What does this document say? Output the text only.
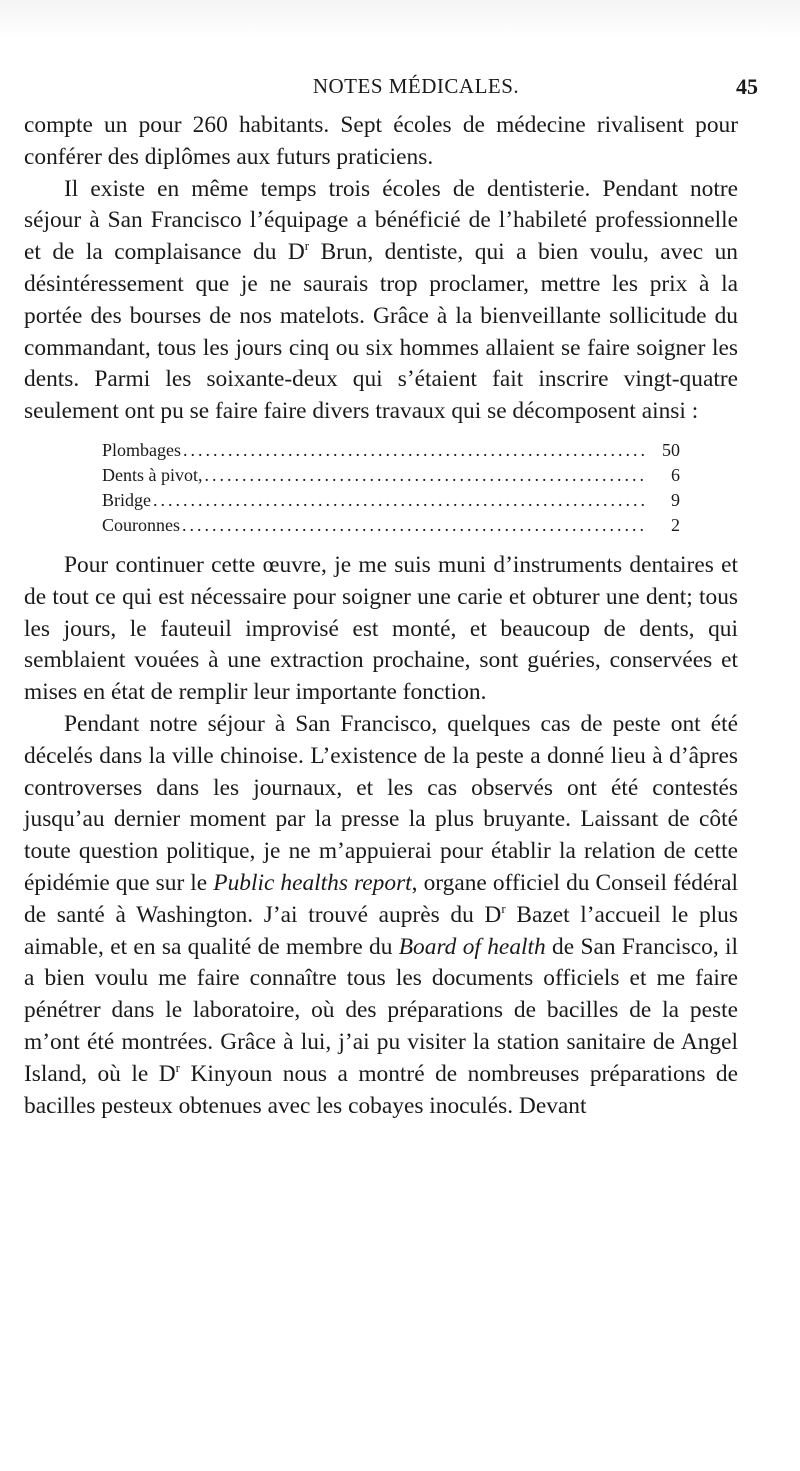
NOTES MÉDICALES.	45

compte un pour 260 habitants. Sept écoles de médecine rivalisent pour conférer des diplômes aux futurs praticiens.

Il existe en même temps trois écoles de dentisterie. Pendant notre séjour à San Francisco l’équipage a bénéficié de l’habileté professionnelle et de la complaisance du $D^r$ Brun, dentiste, qui a bien voulu, avec un désintéressement que je ne saurais trop proclamer, mettre les prix à la portée des bourses de nos matelots. Grâce à la bienveillante sollicitude du commandant, tous les jours cinq ou six hommes allaient se faire soigner les dents. Parmi les soixante-deux qui s’étaient fait inscrire vingt-quatre seulement ont pu se faire faire divers travaux qui se décomposent ainsi :

Plombages .....	50
Dents à pivot, .....	6
Bridge .....	9
Couronnes .....	2

Pour continuer cette œuvre, je me suis muni d’instruments dentaires et de tout ce qui est nécessaire pour soigner une carie et obturer une dent; tous les jours, le fauteuil improvisé est monté, et beaucoup de dents, qui semblaient vouées à une extraction prochaine, sont guéries, conservées et mises en état de remplir leur importante fonction.

Pendant notre séjour à San Francisco, quelques cas de peste ont été décelés dans la ville chinoise. L’existence de la peste a donné lieu à d’âpres controverses dans les journaux, et les cas observés ont été contestés jusqu’au dernier moment par la presse la plus bruyante. Laissant de côté toute question politique, je ne m’appuierai pour établir la relation de cette épidémie que sur le Public healths report, organe officiel du Conseil fédéral de santé à Washington. J’ai trouvé auprès du $D^r$ Bazet l’accueil le plus aimable, et en sa qualité de membre du Board of health de San Francisco, il a bien voulu me faire connaître tous les documents officiels et me faire pénétrer dans le laboratoire, où des préparations de bacilles de la peste m’ont été montrées. Grâce à lui, j’ai pu visiter la station sanitaire de Angel Island, où le $D^r$ Kinyoun nous a montré de nombreuses préparations de bacilles pesteux obtenues avec les cobayes inoculés. Devant
